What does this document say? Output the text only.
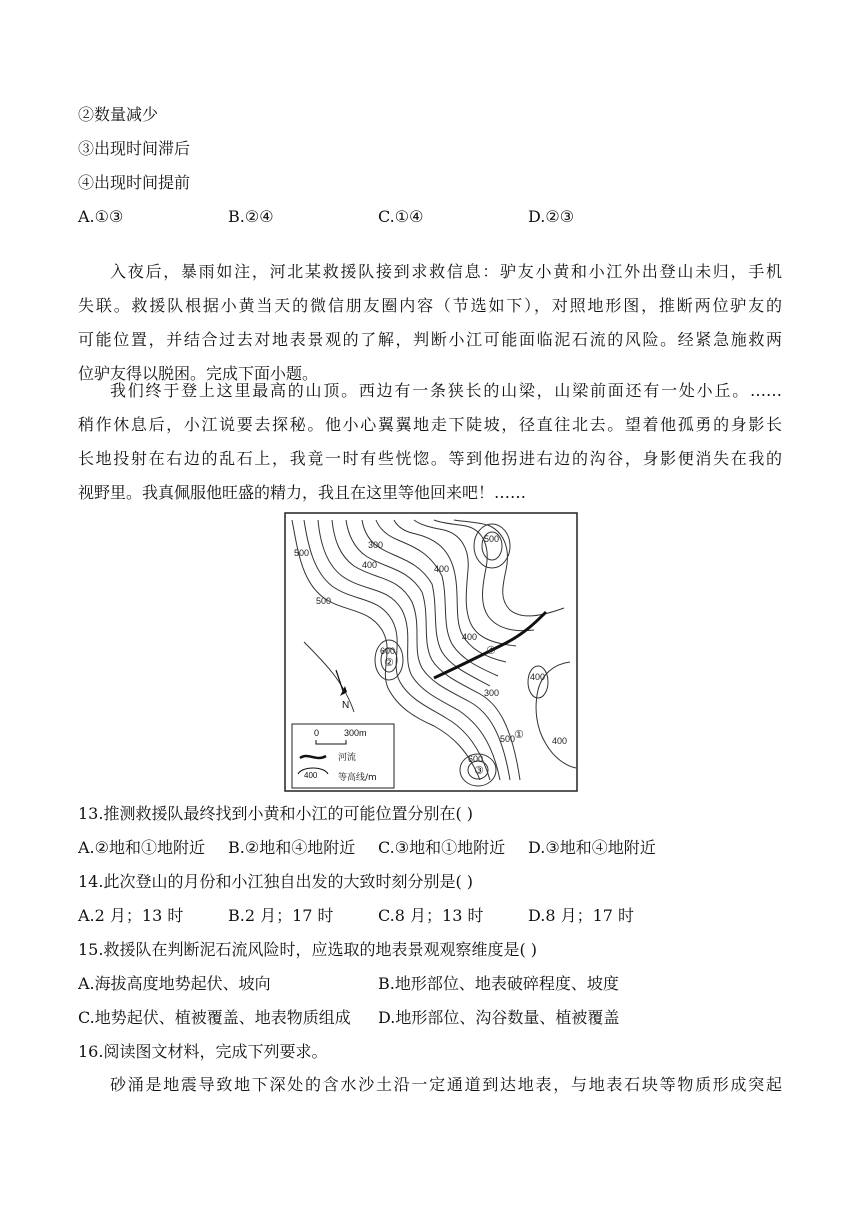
②数量减少
③出现时间滞后
④出现时间提前
A.①③	B.②④	C.①④	D.②③
入夜后，暴雨如注，河北某救援队接到求救信息：驴友小黄和小江外出登山未归，手机
失联。救援队根据小黄当天的微信朋友圈内容（节选如下），对照地形图，推断两位驴友的
可能位置，并结合过去对地表景观的了解，判断小江可能面临泥石流的风险。经紧急施救两
位驴友得以脱困。完成下面小题。
我们终于登上这里最高的山顶。西边有一条狭长的山梁，山梁前面还有一处小丘。……
稍作休息后，小江说要去探秘。他小心翼翼地走下陡坡，径直往北去。望着他孤勇的身影长
长地投射在右边的乱石上，我竟一时有些恍惚。等到他拐进右边的沟谷，身影便消失在我的
视野里。我真佩服他旺盛的精力，我且在这里等他回来吧！……
500
300
400
500
500
400
600
400
300
400
500
400
600
②
④
①
③
N
0	300m
河流
400 等高线/m
13.推测救援队最终找到小黄和小江的可能位置分别在( )
A.②地和①地附近 B.②地和④地附近 C.③地和①地附近 D.③地和④地附近
14.此次登山的月份和小江独自出发的大致时刻分别是( )
A.2 月；13 时	B.2 月；17 时	C.8 月；13 时	D.8 月；17 时
15.救援队在判断泥石流风险时，应选取的地表景观观察维度是( )
A.海拔高度地势起伏、坡向	B.地形部位、地表破碎程度、坡度
C.地势起伏、植被覆盖、地表物质组成 D.地形部位、沟谷数量、植被覆盖
16.阅读图文材料，完成下列要求。
砂涌是地震导致地下深处的含水沙土沿一定通道到达地表，与地表石块等物质形成突起
